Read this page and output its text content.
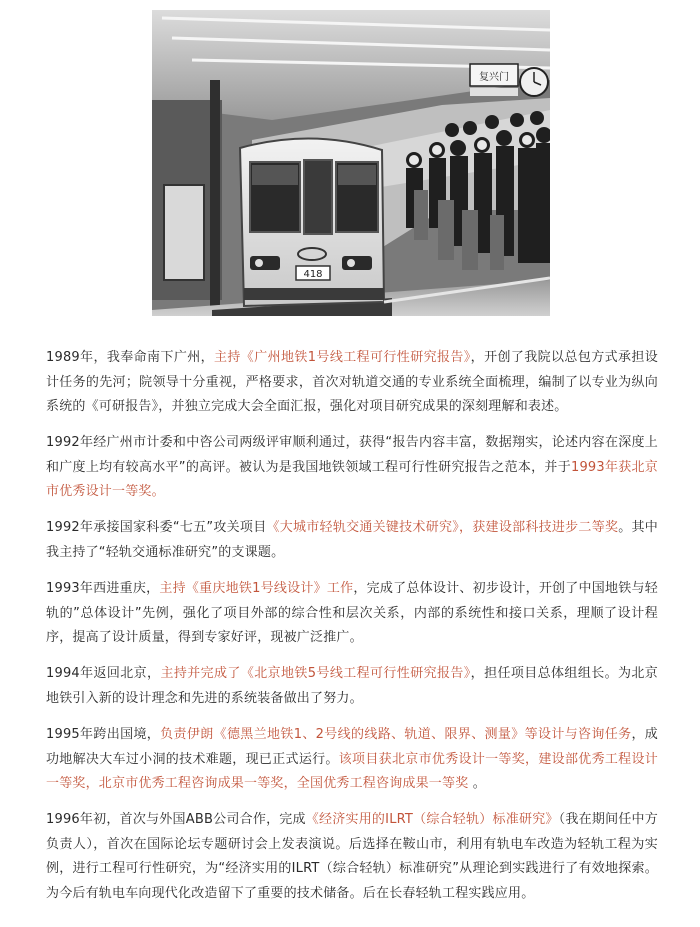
418
复兴门
1989年，我奉命南下广州，主持《广州地铁1号线工程可行性研究报告》，开创了我院以总包方式承担设计任务的先河；院领导十分重视，严格要求，首次对轨道交通的专业系统全面梳理，编制了以专业为纵向系统的《可研报告》，并独立完成大会全面汇报，强化对项目研究成果的深刻理解和表述。
1992年经广州市计委和中咨公司两级评审顺利通过，获得“报告内容丰富，数据翔实，论述内容在深度上和广度上均有较高水平”的高评。被认为是我国地铁领域工程可行性研究报告之范本，并于1993年获北京市优秀设计一等奖。
1992年承接国家科委“七五”攻关项目《大城市轻轨交通关键技术研究》，获建设部科技进步二等奖。其中我主持了“轻轨交通标准研究”的支课题。
1993年西进重庆，主持《重庆地铁1号线设计》工作，完成了总体设计、初步设计，开创了中国地铁与轻轨的”总体设计”先例，强化了项目外部的综合性和层次关系，内部的系统性和接口关系，理顺了设计程序，提高了设计质量，得到专家好评，现被广泛推广。
1994年返回北京，主持并完成了《北京地铁5号线工程可行性研究报告》，担任项目总体组组长。为北京地铁引入新的设计理念和先进的系统装备做出了努力。
1995年跨出国境，负责伊朗《德黑兰地铁1、2号线的线路、轨道、限界、测量》等设计与咨询任务，成功地解决大车过小洞的技术难题，现已正式运行。该项目获北京市优秀设计一等奖，建设部优秀工程设计一等奖，北京市优秀工程咨询成果一等奖，全国优秀工程咨询成果一等奖 。
1996年初，首次与外国ABB公司合作，完成《经济实用的ILRT（综合轻轨）标准研究》（我在期间任中方负责人），首次在国际论坛专题研讨会上发表演说。后选择在鞍山市，利用有轨电车改造为轻轨工程为实例，进行工程可行性研究，为“经济实用的ILRT（综合轻轨）标准研究”从理论到实践进行了有效地探索。为今后有轨电车向现代化改造留下了重要的技术储备。后在长春轻轨工程实践应用。
